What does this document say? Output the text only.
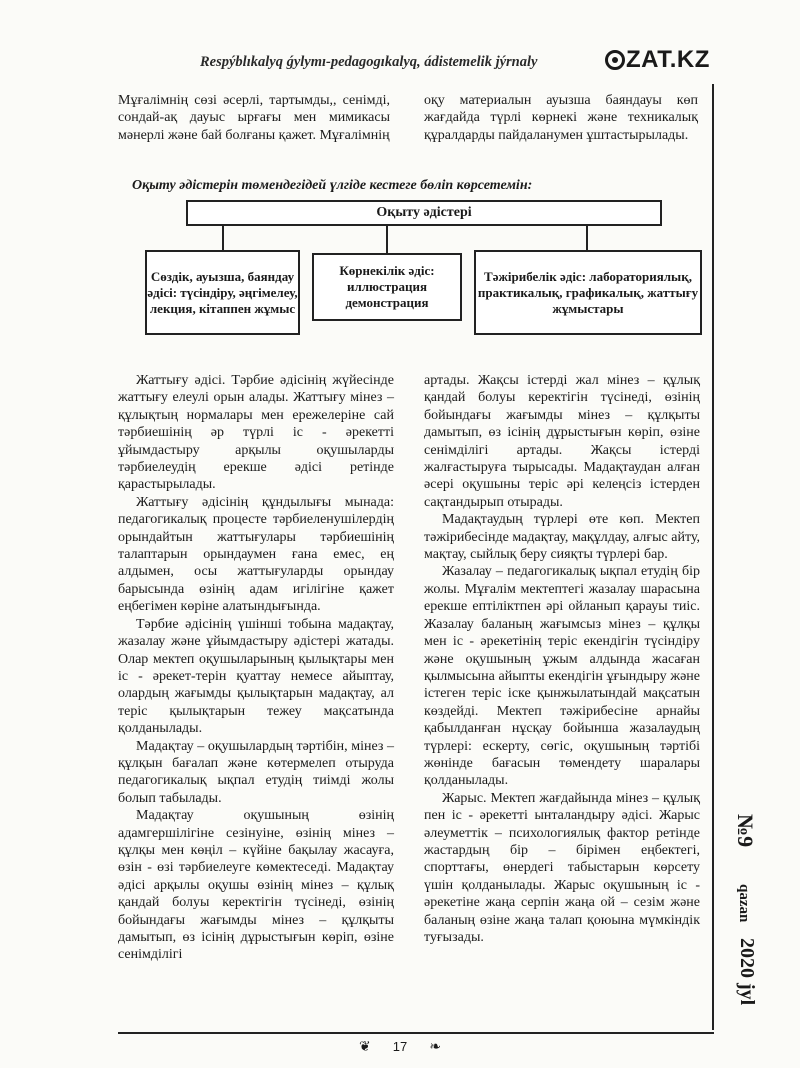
Respýblıkalyq ǵylymı-pedagogıkalyq, ádistemelik jýrnaly	ZAT.KZ

Мұғалімнің сөзі әсерлі, тартымды,, сенімді, сондай-ақ дауыс ырғағы мен мимикасы мәнерлі және бай болғаны қажет. Мұғалімнің

оқу материалын ауызша баяндауы көп жағдайда түрлі көрнекі және техникалық құралдарды пайдаланумен ұштастырылады.

Оқыту әдістерін төмендегідей үлгіде кестеге бөліп көрсетемін:
Оқыту әдістері
Сөздік, ауызша, баяндау әдісі: түсіндіру, әңгімелеу, лекция, кітаппен жұмыс
Көрнекілік әдіс: иллюстрация демонстрация
Тәжірибелік әдіс: лабораториялық, практикалық, графикалық, жаттығу жұмыстары

Жаттығу әдісі. Тәрбие әдісінің жүйесінде жаттығу елеулі орын алады. Жаттығу мінез – құлықтың нормалары мен ережелеріне сай тәрбиешінің әр түрлі іс - әрекетті ұйымдастыру арқылы оқушыларды тәрбиелеудің ерекше әдісі ретінде қарастырылады.

Жаттығу әдісінің құндылығы мынада: педагогикалық процесте тәрбиеленушілердің орындайтын жаттығулары тәрбиешінің талаптарын орындаумен ғана емес, ең алдымен, осы жаттығуларды орындау барысында өзінің адам игілігіне қажет еңбегімен көріне алатындығында.

Тәрбие әдісінің үшінші тобына мадақтау, жазалау және ұйымдастыру әдістері жатады. Олар мектеп оқушыларының қылықтары мен іс - әрекет-терін қуаттау немесе айыптау, олардың жағымды қылықтарын мадақтау, ал теріс қылықтарын тежеу мақсатында қолданылады.

Мадақтау – оқушылардың тәртібін, мінез – құлқын бағалап және көтермелеп отыруда педагогикалық ықпал етудің тиімді жолы болып табылады.

Мадақтау оқушының өзінің адамгершілігіне сезінуіне, өзінің мінез – құлқы мен көңіл – күйіне бақылау жасауға, өзін - өзі тәрбиелеуге көмектеседі. Мадақтау әдісі арқылы оқушы өзінің мінез – құлық қандай болуы керектігін түсінеді, өзінің бойындағы жағымды мінез – құлқыты дамытып, өз ісінің дұрыстығын көріп, өзіне сенімділігі

артады. Жақсы істерді жал мінез – құлық қандай болуы керектігін түсінеді, өзінің бойындағы жағымды мінез – құлқыты дамытып, өз ісінің дұрыстығын көріп, өзіне сенімділігі артады. Жақсы істерді жалғастыруға тырысады. Мадақтаудан алған әсері оқушыны теріс әрі келеңсіз істерден сақтандырып отырады.

Мадақтаудың түрлері өте көп. Мектеп тәжірибесінде мадақтау, мақұлдау, алғыс айту, мақтау, сыйлық беру сияқты түрлері бар.

Жазалау – педагогикалық ықпал етудің бір жолы. Мұғалім мектептегі жазалау шарасына ерекше ептіліктпен әрі ойланып қарауы тиіс. Жазалау баланың жағымсыз мінез – құлқы мен іс - әрекетінің теріс екендігін түсіндіру және оқушының ұжым алдында жасаған қылмысына айыпты екендігін ұғындыру және істеген теріс іске қынжылатындай мақсатын көздейді. Мектеп тәжірибесіне арнайы қабылданған нұсқау бойынша жазалаудың түрлері: ескерту, сөгіс, оқушының тәртібі жөнінде бағасын төмендету шаралары қолданылады.

Жарыс. Мектеп жағдайында мінез – құлық пен іс - әрекетті ынталандыру әдісі. Жарыс әлеуметтік – психологиялық фактор ретінде жастардың бір – бірімен еңбектегі, спорттағы, өнердегі табыстарын көрсету үшін қолданылады. Жарыс оқушының іс - әрекетіне жаңа серпін жаңа ой – сезім және баланың өзіне жаңа талап қоюына мүмкіндік туғызады.

№9
qazan
2020 jyl
❦ 17 ❧
